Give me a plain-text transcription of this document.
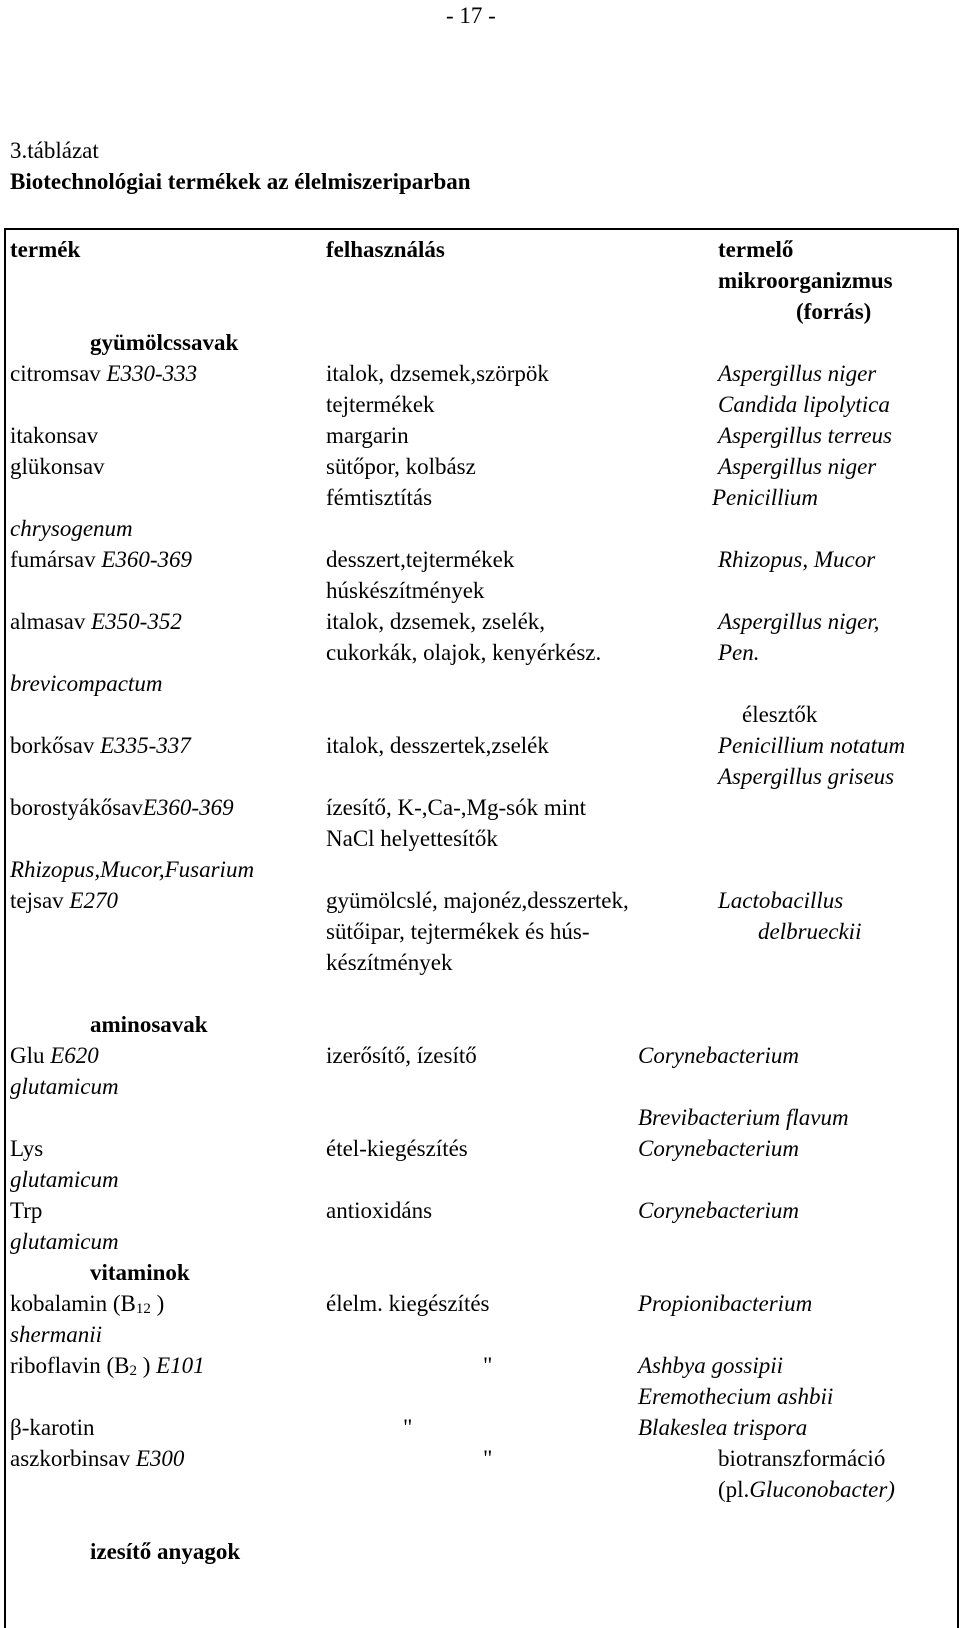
- 17 -
3.táblázat
Biotechnológiai termékek az élelmiszeriparban
termék	felhasználás	termelő
mikroorganizmus
(forrás)
gyümölcssavak
citromsav E330-333	italok, dzsemek,szörpök	Aspergillus niger
tejtermékek	Candida lipolytica
itakonsav	margarin	Aspergillus terreus
glükonsav	sütőpor, kolbász	Aspergillus niger
fémtisztítás	Penicillium
chrysogenum
fumársav E360-369	desszert,tejtermékek	Rhizopus, Mucor
húskészítmények
almasav E350-352	italok, dzsemek, zselék,	Aspergillus niger,
cukorkák, olajok, kenyérkész.	Pen.
brevicompactum
élesztők
borkősav E335-337	italok, desszertek,zselék	Penicillium notatum
Aspergillus griseus
borostyákősavE360-369	ízesítő, K-,Ca-,Mg-sók mint
NaCl helyettesítők
Rhizopus,Mucor,Fusarium
tejsav E270	gyümölcslé, majonéz,desszertek,	Lactobacillus
sütőipar, tejtermékek és hús-	delbrueckii
készítmények
aminosavak
Glu E620	izerősítő, ízesítő	Corynebacterium
glutamicum
Brevibacterium flavum
Lys	étel-kiegészítés	Corynebacterium
glutamicum
Trp	antioxidáns	Corynebacterium
glutamicum
vitaminok
kobalamin ($B_{12}$ )	élelm. kiegészítés	Propionibacterium
shermanii
riboflavin ($B_2$ ) E101	"	Ashbya gossipii
Eremothecium ashbii
β-karotin	"	Blakeslea trispora
aszkorbinsav E300	"	biotranszformáció
(pl.Gluconobacter)
izesítő anyagok
